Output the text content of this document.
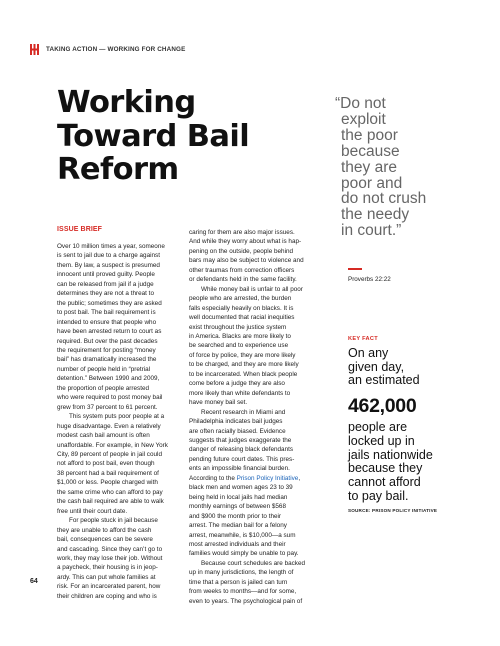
TAKING ACTION — WORKING FOR CHANGE
Working
Toward Bail
Reform
ISSUE BRIEF

Over 10 million times a year, someone

is sent to jail due to a charge against

them. By law, a suspect is presumed

innocent until proved guilty. People

can be released from jail if a judge

determines they are not a threat to

the public; sometimes they are asked

to post bail. The bail requirement is

intended to ensure that people who

have been arrested return to court as

required. But over the past decades

the requirement for posting “money

bail” has dramatically increased the

number of people held in “pretrial

detention.” Between 1990 and 2009,

the proportion of people arrested

who were required to post money bail

grew from 37 percent to 61 percent.

This system puts poor people at a

huge disadvantage. Even a relatively

modest cash bail amount is often

unaffordable. For example, in New York

City, 89 percent of people in jail could

not afford to post bail, even though

38 percent had a bail requirement of

$1,000 or less. People charged with

the same crime who can afford to pay

the cash bail required are able to walk

free until their court date.

For people stuck in jail because

they are unable to afford the cash

bail, consequences can be severe

and cascading. Since they can’t go to

work, they may lose their job. Without

a paycheck, their housing is in jeop-

ardy. This can put whole families at

risk. For an incarcerated parent, how

their children are coping and who is

caring for them are also major issues.

And while they worry about what is hap-

pening on the outside, people behind

bars may also be subject to violence and

other traumas from correction officers

or defendants held in the same facility.

While money bail is unfair to all poor

people who are arrested, the burden

falls especially heavily on blacks. It is

well documented that racial inequities

exist throughout the justice system

in America. Blacks are more likely to

be searched and to experience use

of force by police, they are more likely

to be charged, and they are more likely

to be incarcerated. When black people

come before a judge they are also

more likely than white defendants to

have money bail set.

Recent research in Miami and

Philadelphia indicates bail judges

are often racially biased. Evidence

suggests that judges exaggerate the

danger of releasing black defendants

pending future court dates. This pres-

ents an impossible financial burden.

According to the Prison Policy Initiative,

black men and women ages 23 to 39

being held in local jails had median

monthly earnings of between $568

and $900 the month prior to their

arrest. The median bail for a felony

arrest, meanwhile, is $10,000—a sum

most arrested individuals and their

families would simply be unable to pay.

Because court schedules are backed

up in many jurisdictions, the length of

time that a person is jailed can turn

from weeks to months—and for some,

even to years. The psychological pain of

64
“Do not
exploit
the poor
because
they are
poor and
do not crush
the needy
in court.”
Proverbs 22:22
KEY FACT
On any
given day,
an estimated
462,000
people are
locked up in
jails nationwide
because they
cannot afford
to pay bail.
SOURCE: PRISON POLICY INITIATIVE
